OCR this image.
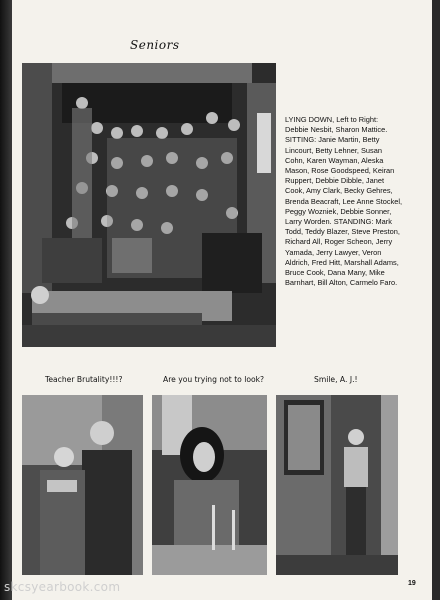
Seniors
LYING DOWN, Left to Right: Debbie Nesbit, Sharon Mattice. SITTING: Janie Martin, Betty Lincourt, Betty Lehner, Susan Cohn, Karen Wayman, Aleska Mason, Rose Goodspeed, Keiran Ruppert, Debbie Dibble, Janet Cook, Amy Clark, Becky Gehres, Brenda Beacraft, Lee Anne Stockel, Peggy Wozniek, Debbie Sonner, Larry Worden. STANDING: Mark Todd, Teddy Blazer, Steve Preston, Richard All, Roger Scheon, Jerry Yamada, Jerry Lawyer, Veron Aldrich, Fred Hitt, Marshall Adams, Bruce Cook, Dana Many, Mike Barnhart, Bill Alton, Carmelo Faro.
Teacher Brutality!!!?	Are you trying not to look?	Smile, A. J.!
19
skcsyearbook.com
